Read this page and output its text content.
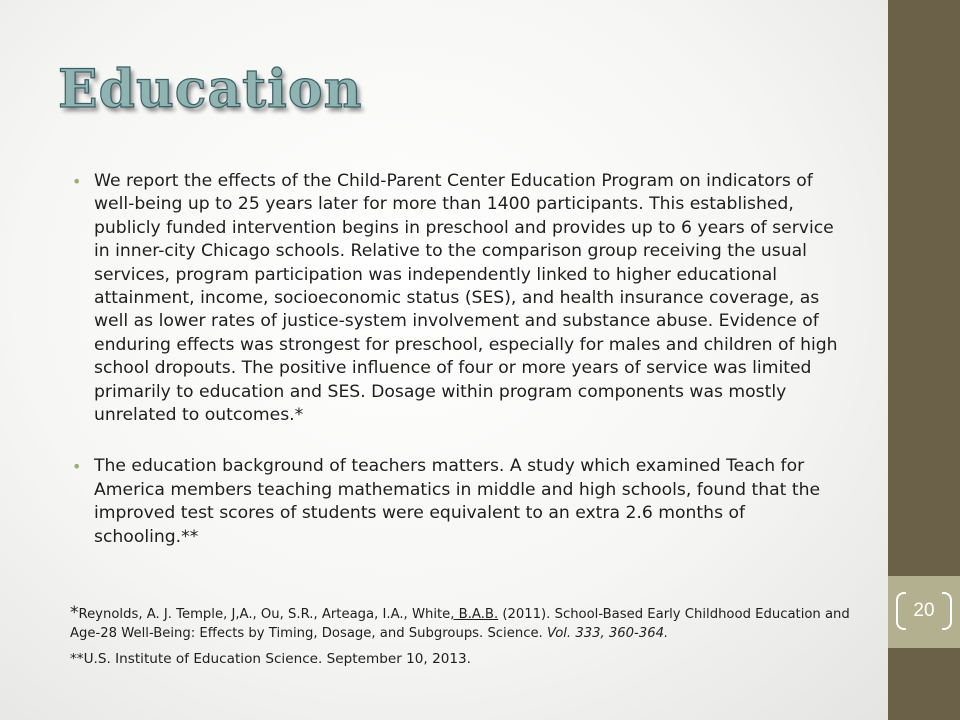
20
Education
• We report the effects of the Child-Parent Center Education Program on indicators of well-being up to 25 years later for more than 1400 participants. This established, publicly funded intervention begins in preschool and provides up to 6 years of service in inner-city Chicago schools. Relative to the comparison group receiving the usual services, program participation was independently linked to higher educational attainment, income, socioeconomic status (SES), and health insurance coverage, as well as lower rates of justice-system involvement and substance abuse. Evidence of enduring effects was strongest for preschool, especially for males and children of high school dropouts. The positive influence of four or more years of service was limited primarily to education and SES. Dosage within program components was mostly unrelated to outcomes.*
• The education background of teachers matters. A study which examined Teach for America members teaching mathematics in middle and high schools, found that the improved test scores of students were equivalent to an extra 2.6 months of schooling.**
*Reynolds, A. J. Temple, J,A., Ou, S.R., Arteaga, I.A., White, B.A.B. (2011). School-Based Early Childhood Education and Age-28 Well-Being: Effects by Timing, Dosage, and Subgroups. Science. Vol. 333, 360-364.
**U.S. Institute of Education Science. September 10, 2013.
